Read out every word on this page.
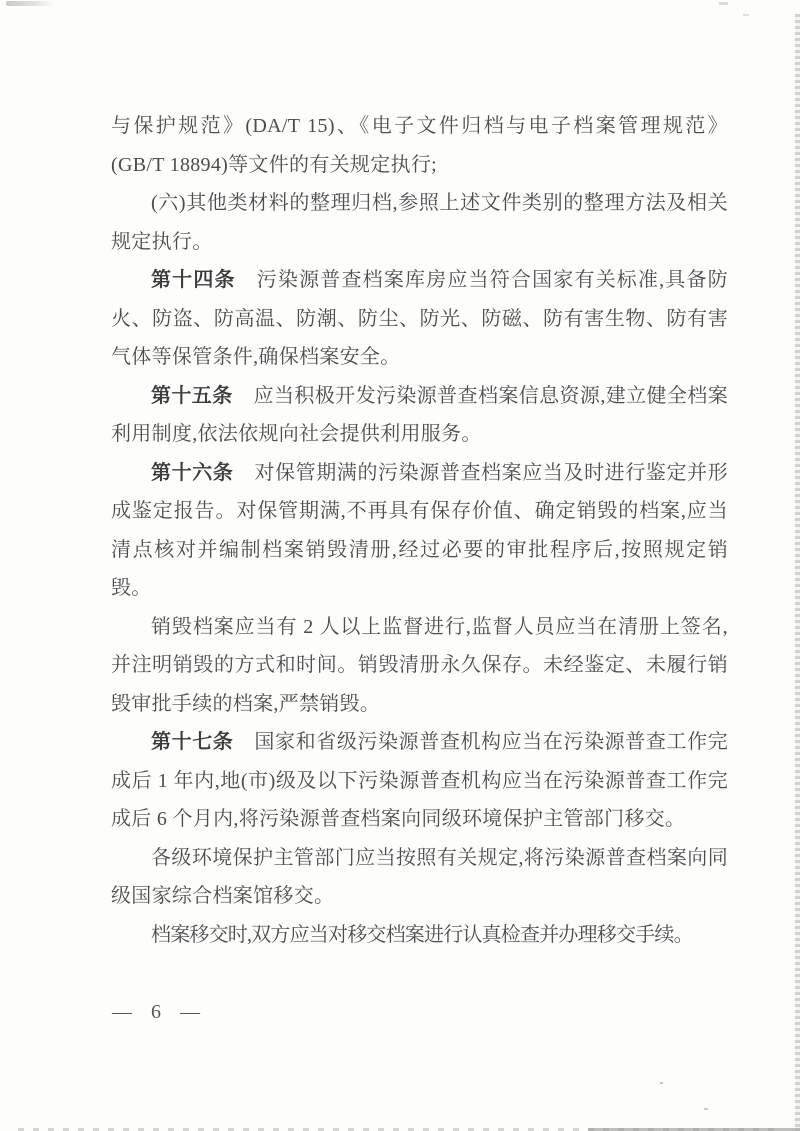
与保护规范》(DA/T 15)、《电子文件归档与电子档案管理规范》(GB/T 18894)等文件的有关规定执行;

(六)其他类材料的整理归档,参照上述文件类别的整理方法及相关规定执行。

第十四条 污染源普查档案库房应当符合国家有关标准,具备防火、防盗、防高温、防潮、防尘、防光、防磁、防有害生物、防有害气体等保管条件,确保档案安全。

第十五条 应当积极开发污染源普查档案信息资源,建立健全档案利用制度,依法依规向社会提供利用服务。

第十六条 对保管期满的污染源普查档案应当及时进行鉴定并形成鉴定报告。对保管期满,不再具有保存价值、确定销毁的档案,应当清点核对并编制档案销毁清册,经过必要的审批程序后,按照规定销毁。

销毁档案应当有 2 人以上监督进行,监督人员应当在清册上签名,并注明销毁的方式和时间。销毁清册永久保存。未经鉴定、未履行销毁审批手续的档案,严禁销毁。

第十七条 国家和省级污染源普查机构应当在污染源普查工作完成后 1 年内,地(市)级及以下污染源普查机构应当在污染源普查工作完成后 6 个月内,将污染源普查档案向同级环境保护主管部门移交。

各级环境保护主管部门应当按照有关规定,将污染源普查档案向同级国家综合档案馆移交。

档案移交时,双方应当对移交档案进行认真检查并办理移交手续。

— 6 —
